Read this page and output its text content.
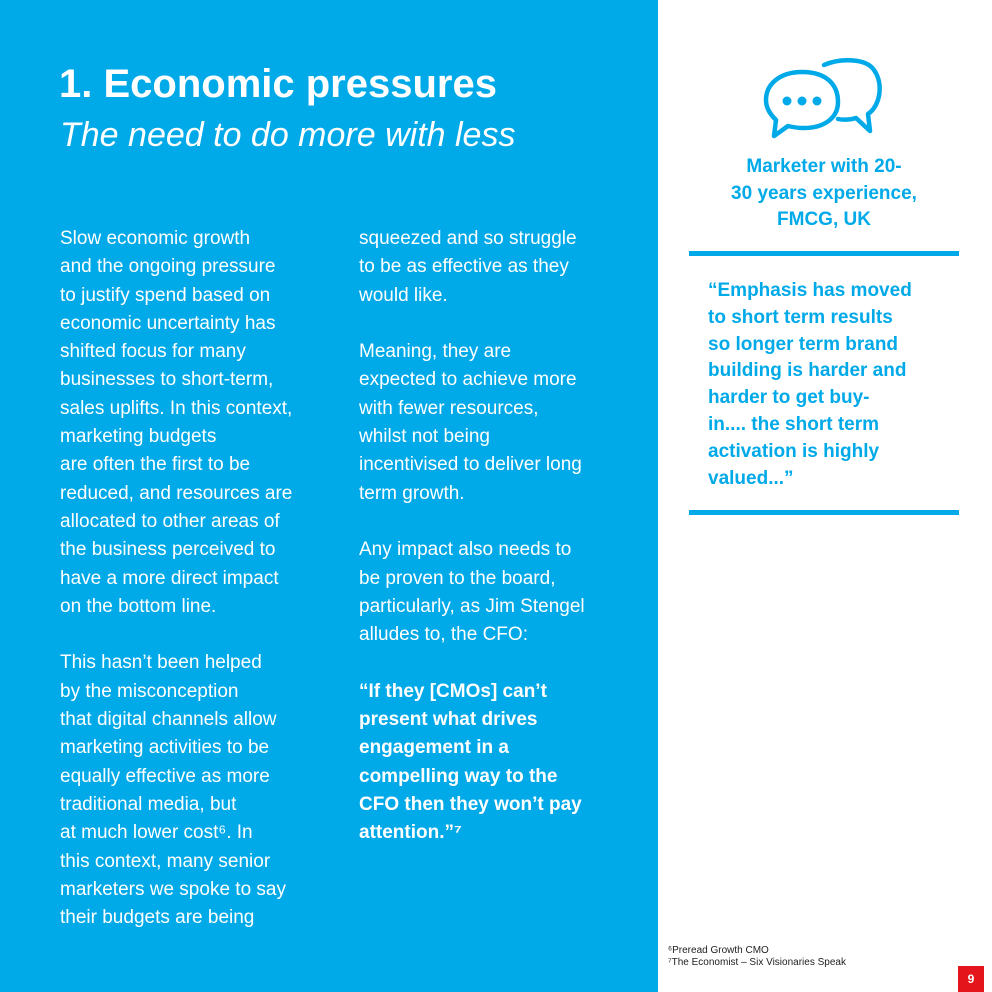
1. Economic pressures
The need to do more with less
Slow economic growth
and the ongoing pressure
to justify spend based on
economic uncertainty has
shifted focus for many
businesses to short-term,
sales uplifts. In this context,
marketing budgets
are often the first to be
reduced, and resources are
allocated to other areas of
the business perceived to
have a more direct impact
on the bottom line.
This hasn’t been helped
by the misconception
that digital channels allow
marketing activities to be
equally effective as more
traditional media, but
at much lower cost⁶. In
this context, many senior
marketers we spoke to say
their budgets are being
squeezed and so struggle
to be as effective as they
would like.
Meaning, they are
expected to achieve more
with fewer resources,
whilst not being
incentivised to deliver long
term growth.
Any impact also needs to
be proven to the board,
particularly, as Jim Stengel
alludes to, the CFO:
“If they [CMOs] can’t
present what drives
engagement in a
compelling way to the
CFO then they won’t pay
attention.”⁷
Marketer with 20-
30 years experience,
FMCG, UK
“Emphasis has moved
to short term results
so longer term brand
building is harder and
harder to get buy-
in.... the short term
activation is highly
valued...”
⁶Preread Growth CMO
⁷The Economist – Six Visionaries Speak
9
